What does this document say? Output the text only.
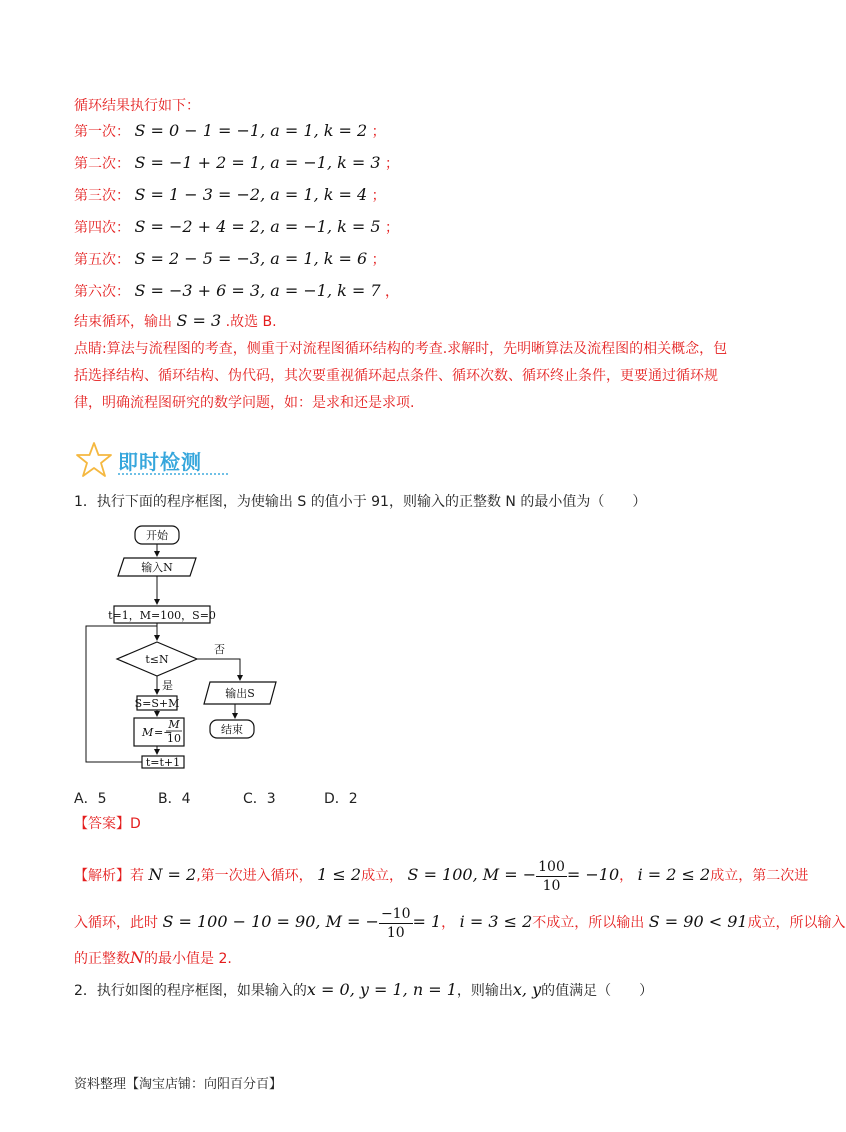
循环结果执行如下：
第一次： S = 0 − 1 = −1, a = 1, k = 2 ；
第二次： S = −1 + 2 = 1, a = −1, k = 3 ；
第三次： S = 1 − 3 = −2, a = 1, k = 4 ；
第四次： S = −2 + 4 = 2, a = −1, k = 5 ；
第五次： S = 2 − 5 = −3, a = 1, k = 6 ；
第六次： S = −3 + 6 = 3, a = −1, k = 7 ，
结束循环，输出 S = 3 .故选 B.
点睛:算法与流程图的考查，侧重于对流程图循环结构的考查.求解时，先明晰算法及流程图的相关概念，包括选择结构、循环结构、伪代码，其次要重视循环起点条件、循环次数、循环终止条件，更要通过循环规律，明确流程图研究的数学问题，如：是求和还是求项.
即时检测
1．执行下面的程序框图，为使输出 S 的值小于 91，则输入的正整数 N 的最小值为（　　）
开始
输入N
t=1，M=100，S=0
t≤N
否
是
S=S+M
M =−
M
10
t=t+1
输出S
结束
A．5	B．4	C．3	D．2
【答案】D
【解析】若 N = 2,第一次进入循环， 1 ≤ 2成立， S = 100, M = − $\frac{100}{10} = -10$， i = 2 ≤ 2成立，第二次进
入循环，此时 S = 100 − 10 = 90, M = − $\frac{-10}{10} = 1$， i = 3 ≤ 2不成立，所以输出 S = 90 < 91成立，所以输入
的正整数N的最小值是 2.
2．执行如图的程序框图，如果输入的x = 0, y = 1, n = 1，则输出x, y的值满足（　　）
资料整理【淘宝店铺：向阳百分百】
